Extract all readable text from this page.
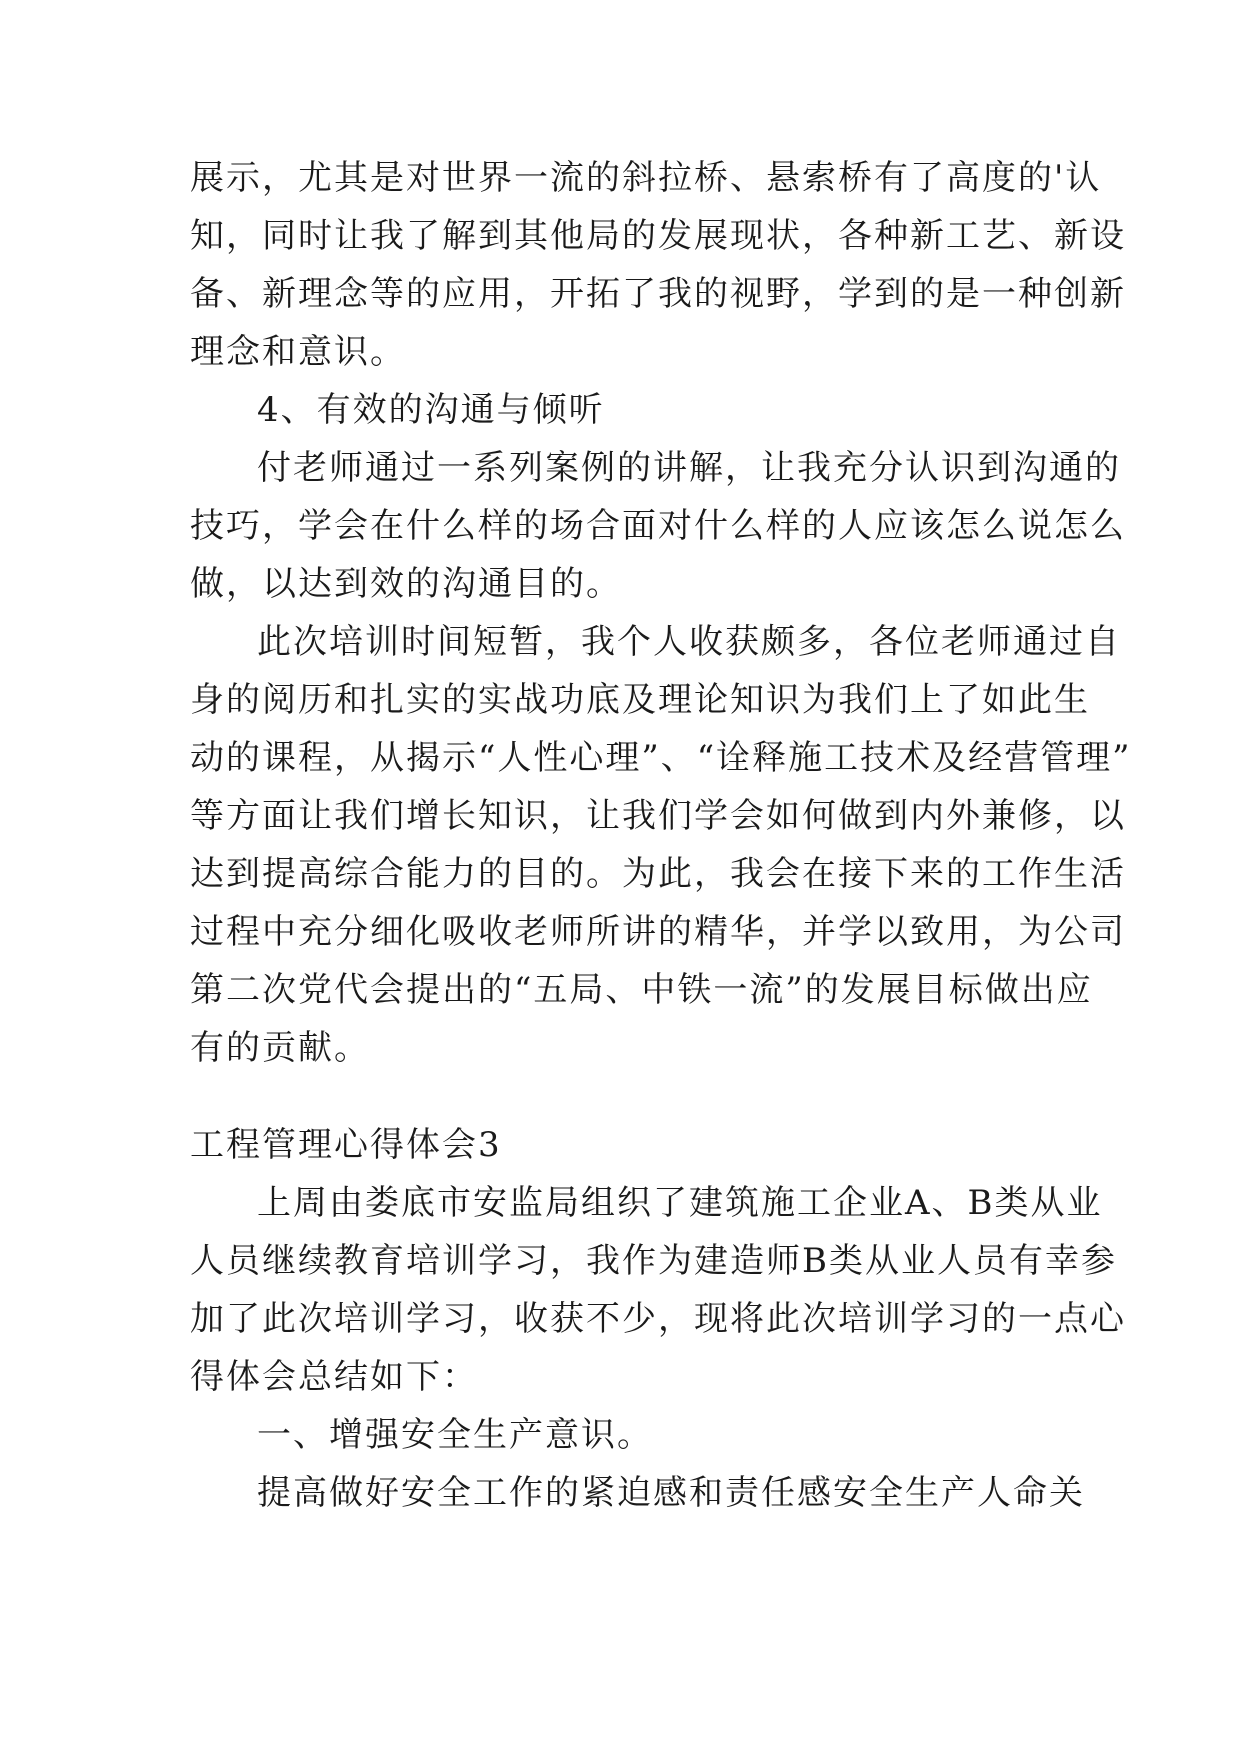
展示，尤其是对世界一流的斜拉桥、悬索桥有了高度的'认
知，同时让我了解到其他局的发展现状，各种新工艺、新设
备、新理念等的应用，开拓了我的视野，学到的是一种创新
理念和意识。
4、有效的沟通与倾听
付老师通过一系列案例的讲解，让我充分认识到沟通的
技巧，学会在什么样的场合面对什么样的人应该怎么说怎么
做，以达到效的沟通目的。
此次培训时间短暂，我个人收获颇多，各位老师通过自
身的阅历和扎实的实战功底及理论知识为我们上了如此生
动的课程，从揭示“人性心理”、“诠释施工技术及经营管理”
等方面让我们增长知识，让我们学会如何做到内外兼修，以
达到提高综合能力的目的。为此，我会在接下来的工作生活
过程中充分细化吸收老师所讲的精华，并学以致用，为公司
第二次党代会提出的“五局、中铁一流”的发展目标做出应
有的贡献。
工程管理心得体会3
上周由娄底市安监局组织了建筑施工企业A、B类从业
人员继续教育培训学习，我作为建造师B类从业人员有幸参
加了此次培训学习，收获不少，现将此次培训学习的一点心
得体会总结如下：
一、增强安全生产意识。
提高做好安全工作的紧迫感和责任感安全生产人命关
